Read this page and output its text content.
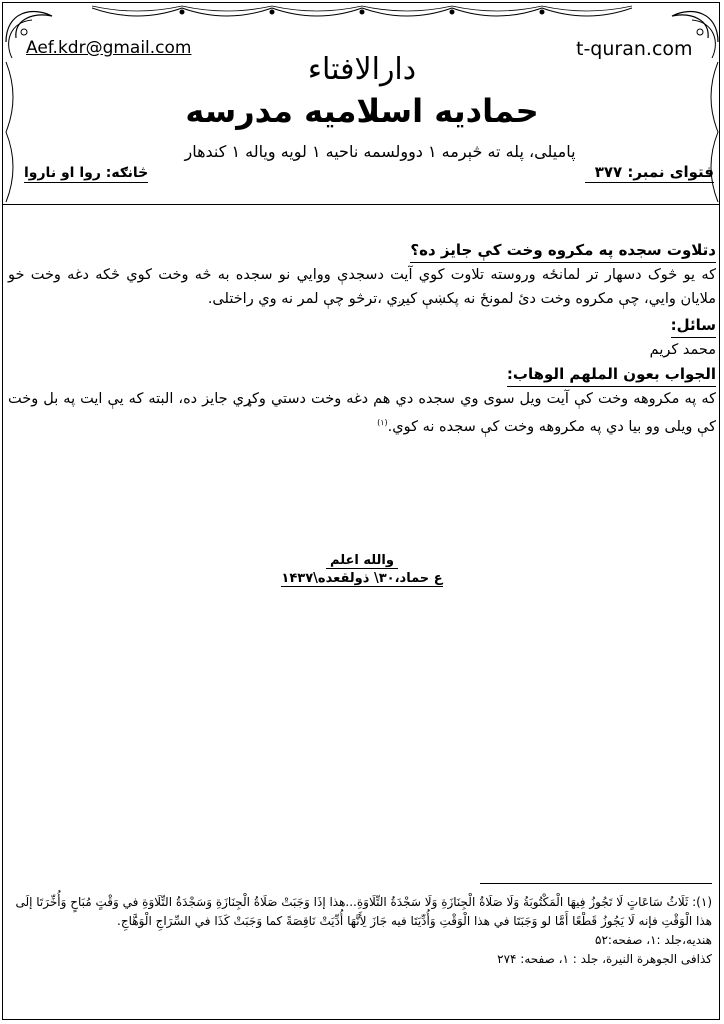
Aef.kdr@gmail.com	t-quran.com
دارالافتاء
حمادیه اسلامیه مدرسه
پامیلی، پله ته څېرمه ۱ دوولسمه ناحیه ۱ لویه ویاله ۱ کندهار
فتوای نمبر: ۳۷۷
څانګه: روا او ناروا
دتلاوت سجده په مکروه وخت کې جایز ده؟

که یو څوک دسهار تر لمانځه وروسته تلاوت کوي آیت دسجدې ووایي نو سجده به څه وخت کوي څکه دغه وخت خو ملایان وایي، چې مکروه وخت دئ لمونځ نه پکښې کیږي ،ترڅو چې لمر نه وي راختلی.

سائل:
محمد کریم
الجواب بعون الملهم الوهاب:

که په مکروهه وخت کې آیت ویل سوی وي سجده دي هم دغه وخت دستي وکړي جایز ده، البته که یې ایت په بل وخت کې ویلی وو بیا دي په مکروهه وخت کې سجده نه کوي.$^{(۱)}$

والله اعلم
ع حماد،۳۰\ ذولقعده\۱۴۳۷

(۱): ثَلَاثُ سَاعَاتٍ لَا تَجُوزُ فِيهَا الْمَكْتُوبَةُ وَلَا صَلَاةُ الْجِنَازَةِ وَلَا سَجْدَةُ التِّلَاوَةِ...هذا إذَا وَجَبَتْ صَلَاةُ الْجِنَازَةِ وَسَجْدَةُ التِّلَاوَةِ في وَقْتٍ مُبَاحٍ وَأُخِّرَتَا إلَى هذا الْوَقْتِ فإنه لَا يَجُوزُ قَطْعًا أَمَّا لو وَجَبَتَا في هذا الْوَقْتِ وَأُدِّيَتَا فيه جَازَ لِأَنَّهَا أُدِّيَتْ نَاقِصَةً كما وَجَبَتْ كَذَا في السِّرَاجِ الْوَهَّاجِ.

هندیه،جلد :۱، صفحه:۵۲

کذافی الجوهرة النیرة، جلد : ۱، صفحه: ۲۷۴
